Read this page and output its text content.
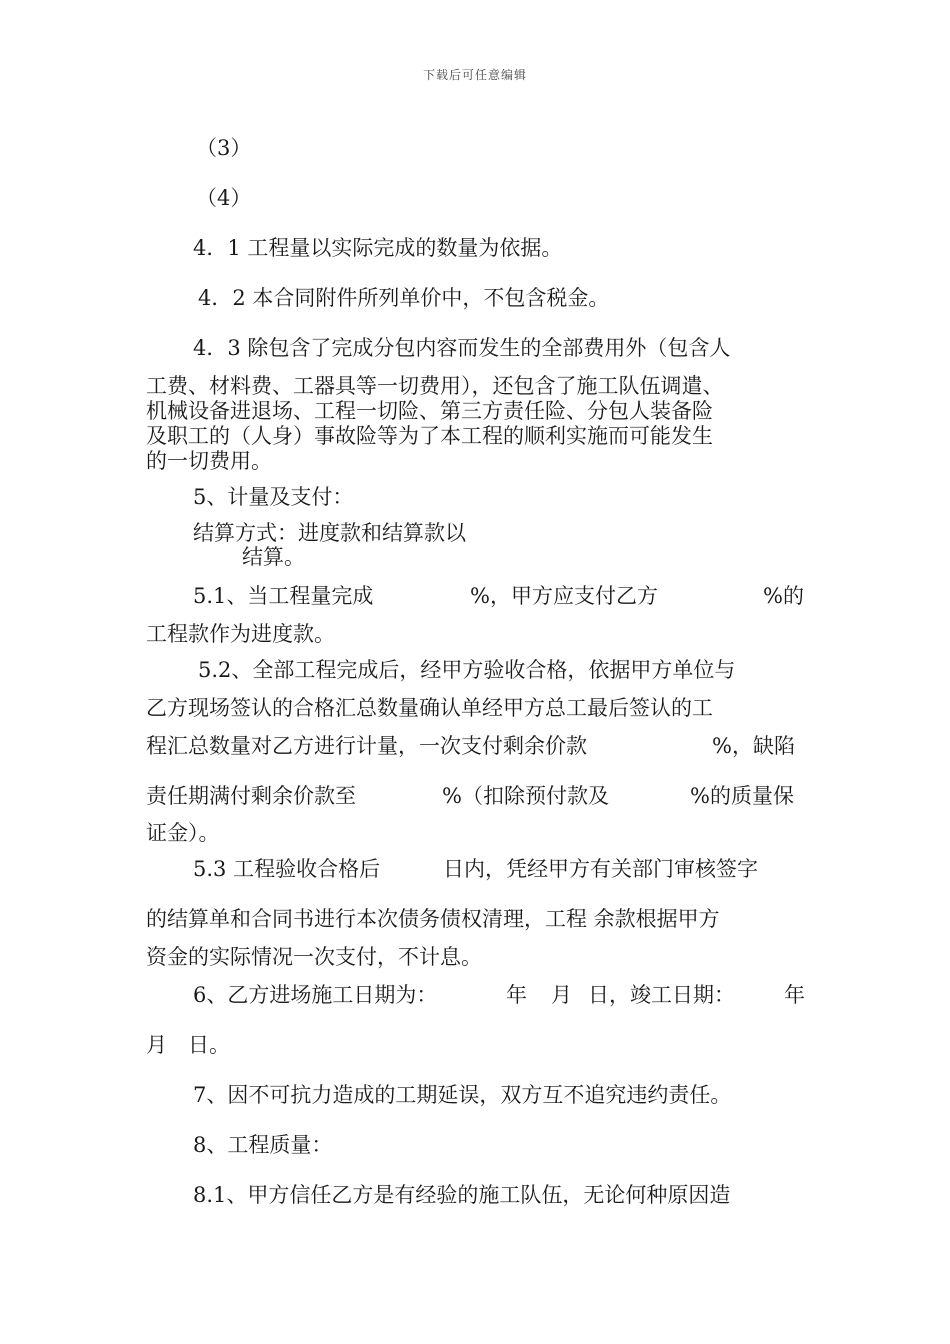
下载后可任意编辑
（3）
（4）
4．1 工程量以实际完成的数量为依据。
4．2 本合同附件所列单价中，不包含税金。
4．3 除包含了完成分包内容而发生的全部费用外（包含人
工费、材料费、工器具等一切费用），还包含了施工队伍调遣、
机械设备进退场、工程一切险、第三方责任险、分包人装备险
及职工的（人身）事故险等为了本工程的顺利实施而可能发生
的一切费用。
5、计量及支付：
结算方式：进度款和结算款以
结算。
5.1、当工程量完成	%，甲方应支付乙方	%的
工程款作为进度款。
5.2、全部工程完成后，经甲方验收合格，依据甲方单位与
乙方现场签认的合格汇总数量确认单经甲方总工最后签认的工
程汇总数量对乙方进行计量，一次支付剩余价款	%，缺陷
责任期满付剩余价款至	%（扣除预付款及	%的质量保
证金）。
5.3 工程验收合格后	日内，凭经甲方有关部门审核签字
的结算单和合同书进行本次债务债权清理，工程 余款根据甲方
资金的实际情况一次支付，不计息。
6、乙方进场施工日期为：	年 月 日，竣工日期： 年
月 日。
7、因不可抗力造成的工期延误，双方互不追究违约责任。
8、工程质量：
8.1、甲方信任乙方是有经验的施工队伍，无论何种原因造
